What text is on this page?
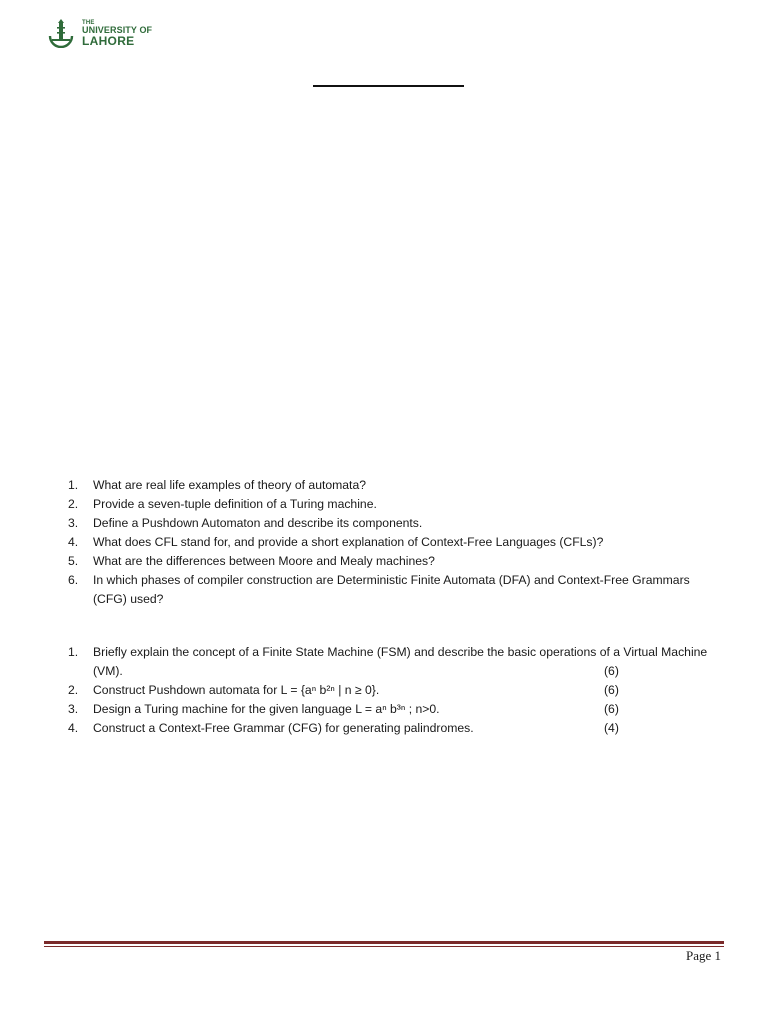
THE
UNIVERSITY OF
LAHORE
1.	What are real life examples of theory of automata?
2.	Provide a seven-tuple definition of a Turing machine.
3.	Define a Pushdown Automaton and describe its components.
4.	What does CFL stand for, and provide a short explanation of Context-Free Languages (CFLs)?
5.	What are the differences between Moore and Mealy machines?
6.	In which phases of compiler construction are Deterministic Finite Automata (DFA) and Context-Free Grammars (CFG) used?
1.	Briefly explain the concept of a Finite State Machine (FSM) and describe the basic operations of a Virtual Machine (VM).	(6)
2.	Construct Pushdown automata for L = {aⁿ b²ⁿ | n ≥ 0}.	(6)
3.	Design a Turing machine for the given language L = aⁿ b³ⁿ ; n>0.	(6)
4.	Construct a Context-Free Grammar (CFG) for generating palindromes.	(4)
Page 1
